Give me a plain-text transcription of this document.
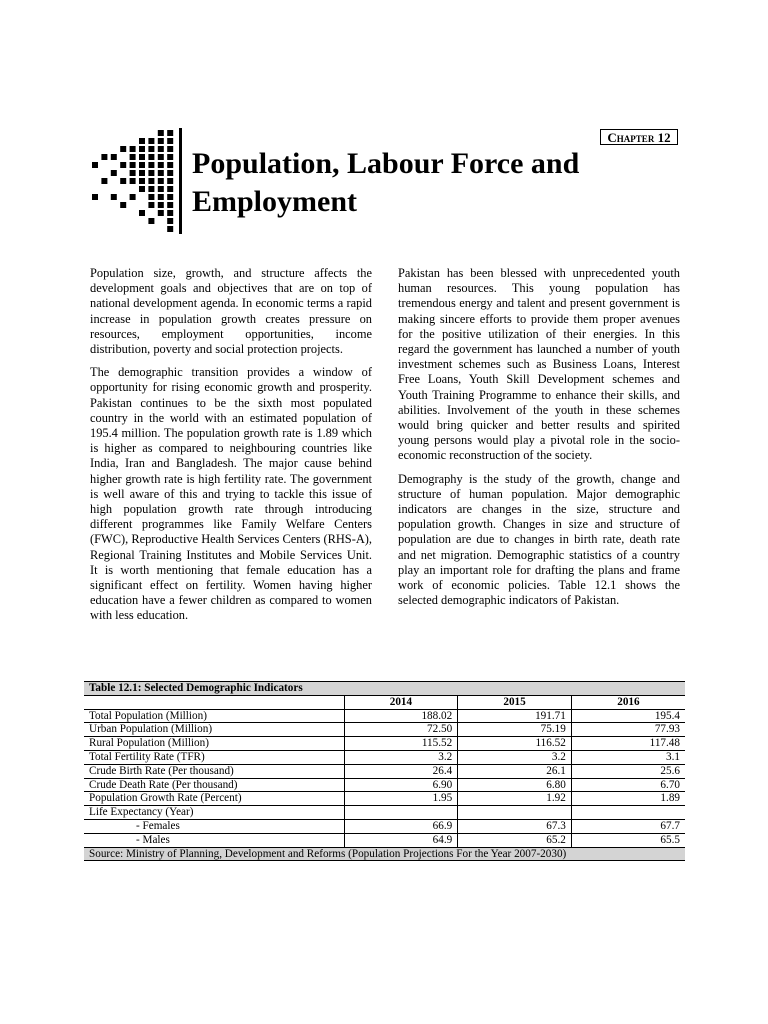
Chapter 12
Population, Labour Force and Employment

Population size, growth, and structure affects the development goals and objectives that are on top of national development agenda. In economic terms a rapid increase in population growth creates pressure on resources, employment opportunities, income distribution, poverty and social protection projects.

The demographic transition provides a window of opportunity for rising economic growth and prosperity. Pakistan continues to be the sixth most populated country in the world with an estimated population of 195.4 million. The population growth rate is 1.89 which is higher as compared to neighbouring countries like India, Iran and Bangladesh. The major cause behind higher growth rate is high fertility rate. The government is well aware of this and trying to tackle this issue of high population growth rate through introducing different programmes like Family Welfare Centers (FWC), Reproductive Health Services Centers (RHS-A), Regional Training Institutes and Mobile Services Unit. It is worth mentioning that female education has a significant effect on fertility. Women having higher education have a fewer children as compared to women with less education.

Pakistan has been blessed with unprecedented youth human resources. This young population has tremendous energy and talent and present government is making sincere efforts to provide them proper avenues for the positive utilization of their energies. In this regard the government has launched a number of youth investment schemes such as Business Loans, Interest Free Loans, Youth Skill Development schemes and Youth Training Programme to enhance their skills, and abilities. Involvement of the youth in these schemes would bring quicker and better results and spirited young persons would play a pivotal role in the socio-economic reconstruction of the society.

Demography is the study of the growth, change and structure of human population. Major demographic indicators are changes in the size, structure and population growth. Changes in size and structure of population are due to changes in birth rate, death rate and net migration. Demographic statistics of a country play an important role for drafting the plans and frame work of economic policies. Table 12.1 shows the selected demographic indicators of Pakistan.

Table 12.1: Selected Demographic Indicators			
	2014	2015	2016
Total Population (Million)	188.02	191.71	195.4
Urban Population (Million)	72.50	75.19	77.93
Rural Population (Million)	115.52	116.52	117.48
Total Fertility Rate (TFR)	3.2	3.2	3.1
Crude Birth Rate (Per thousand)	26.4	26.1	25.6
Crude Death Rate (Per thousand)	6.90	6.80	6.70
Population Growth Rate (Percent)	1.95	1.92	1.89
Life Expectancy (Year)			
- Females	66.9	67.3	67.7
- Males	64.9	65.2	65.5
Source: Ministry of Planning, Development and Reforms (Population Projections For the Year 2007-2030)			
